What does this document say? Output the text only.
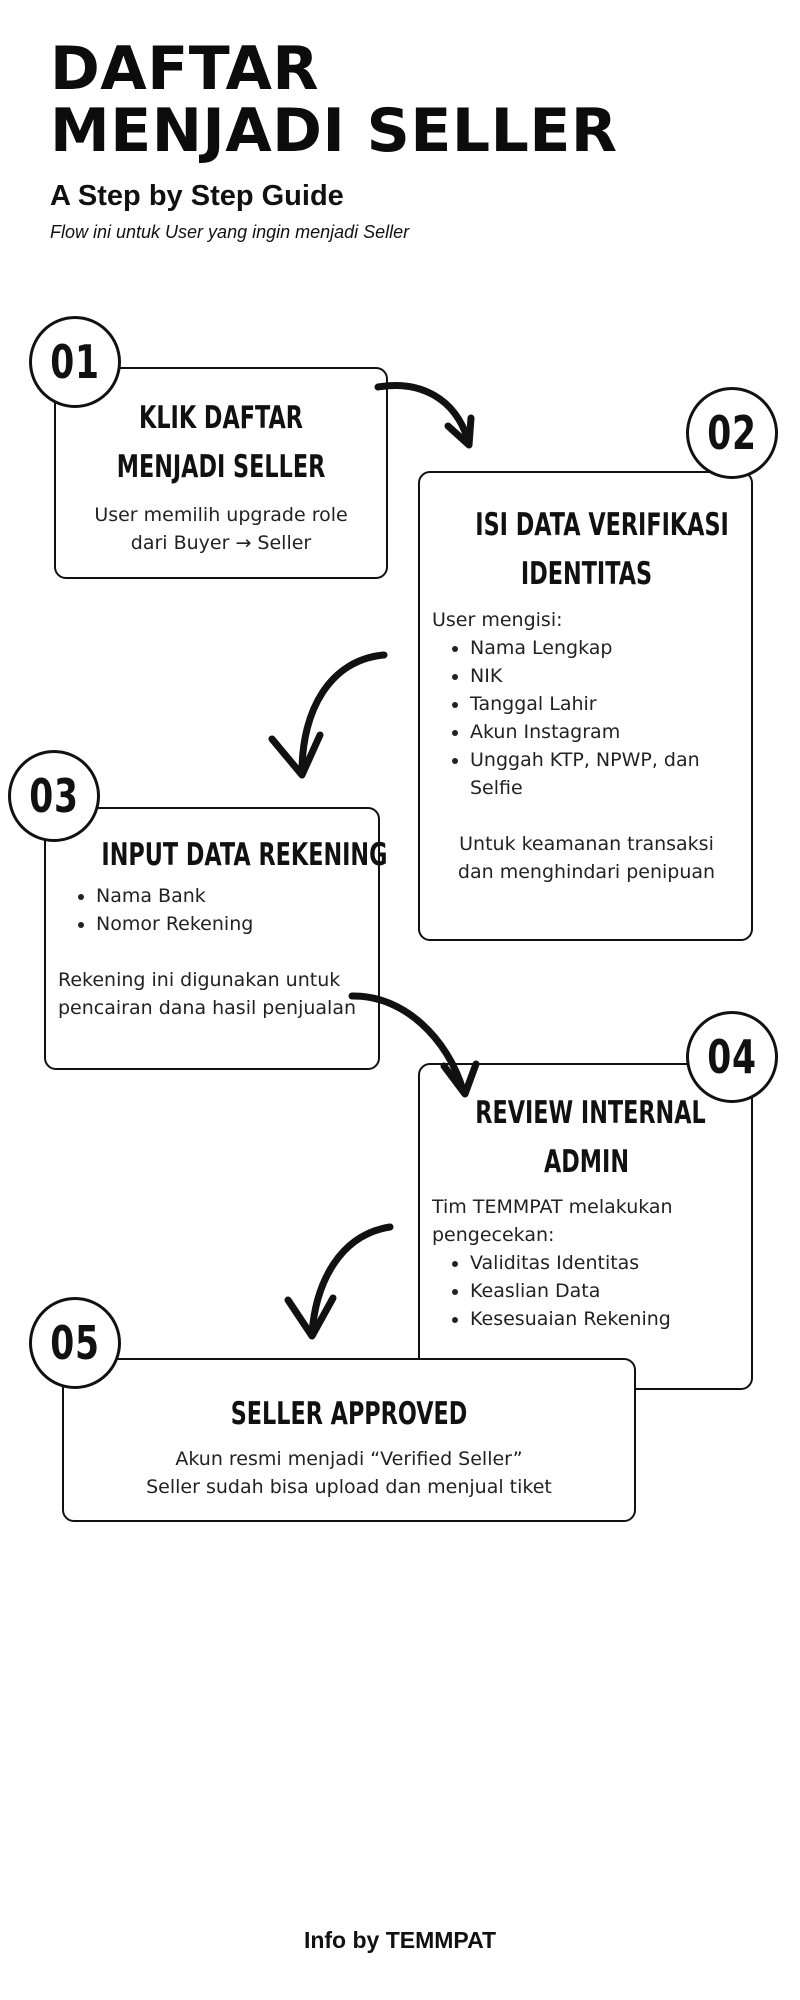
DAFTAR
MENJADI SELLER

A Step by Step Guide

Flow ini untuk User yang ingin menjadi Seller

KLIK DAFTAR
MENJADI SELLER
User memilih upgrade role
dari Buyer → Seller
01
ISI DATA VERIFIKASI
IDENTITAS
User mengisi:
• Nama Lengkap
• NIK
• Tanggal Lahir
• Akun Instagram
• Unggah KTP, NPWP, dan Selfie
Untuk keamanan transaksi
dan menghindari penipuan
02
INPUT DATA REKENING
• Nama Bank
• Nomor Rekening
Rekening ini digunakan untuk pencairan dana hasil penjualan
03
REVIEW INTERNAL
ADMIN
Tim TEMMPAT melakukan pengecekan:
• Validitas Identitas
• Keaslian Data
• Kesesuaian Rekening
04
SELLER APPROVED
Akun resmi menjadi “Verified Seller”
Seller sudah bisa upload dan menjual tiket
05

Info by TEMMPAT
